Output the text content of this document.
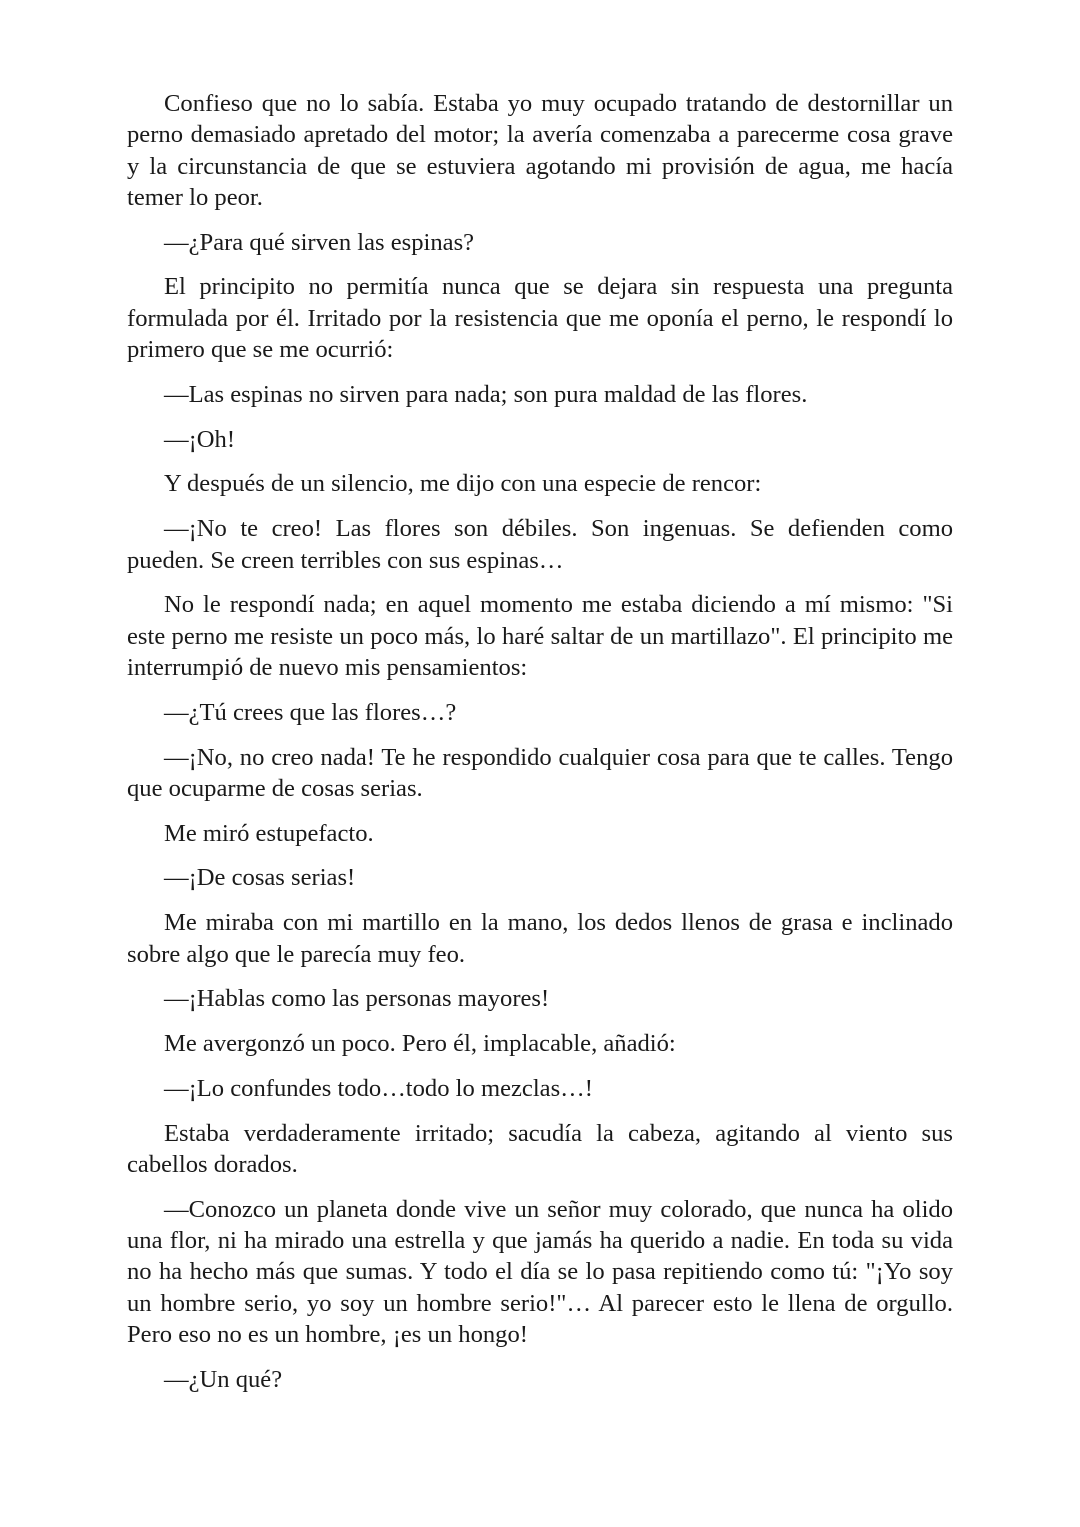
Confieso que no lo sabía. Estaba yo muy ocupado tratando de destornillar un perno demasiado apretado del motor; la avería comenzaba a parecerme cosa grave y la circunstancia de que se estuviera agotando mi provisión de agua, me hacía temer lo peor.

—¿Para qué sirven las espinas?

El principito no permitía nunca que se dejara sin respuesta una pregunta formulada por él. Irritado por la resistencia que me oponía el perno, le respondí lo primero que se me ocurrió:

—Las espinas no sirven para nada; son pura maldad de las flores.

—¡Oh!

Y después de un silencio, me dijo con una especie de rencor:

—¡No te creo! Las flores son débiles. Son ingenuas. Se defienden como pueden. Se creen terribles con sus espinas…

No le respondí nada; en aquel momento me estaba diciendo a mí mismo: "Si este perno me resiste un poco más, lo haré saltar de un martillazo". El principito me interrumpió de nuevo mis pensamientos:

—¿Tú crees que las flores…?

—¡No, no creo nada! Te he respondido cualquier cosa para que te calles. Tengo que ocuparme de cosas serias.

Me miró estupefacto.

—¡De cosas serias!

Me miraba con mi martillo en la mano, los dedos llenos de grasa e inclinado sobre algo que le parecía muy feo.

—¡Hablas como las personas mayores!

Me avergonzó un poco. Pero él, implacable, añadió:

—¡Lo confundes todo…todo lo mezclas…!

Estaba verdaderamente irritado; sacudía la cabeza, agitando al viento sus cabellos dorados.

—Conozco un planeta donde vive un señor muy colorado, que nunca ha olido una flor, ni ha mirado una estrella y que jamás ha querido a nadie. En toda su vida no ha hecho más que sumas. Y todo el día se lo pasa repitiendo como tú: "¡Yo soy un hombre serio, yo soy un hombre serio!"… Al parecer esto le llena de orgullo. Pero eso no es un hombre, ¡es un hongo!

—¿Un qué?
